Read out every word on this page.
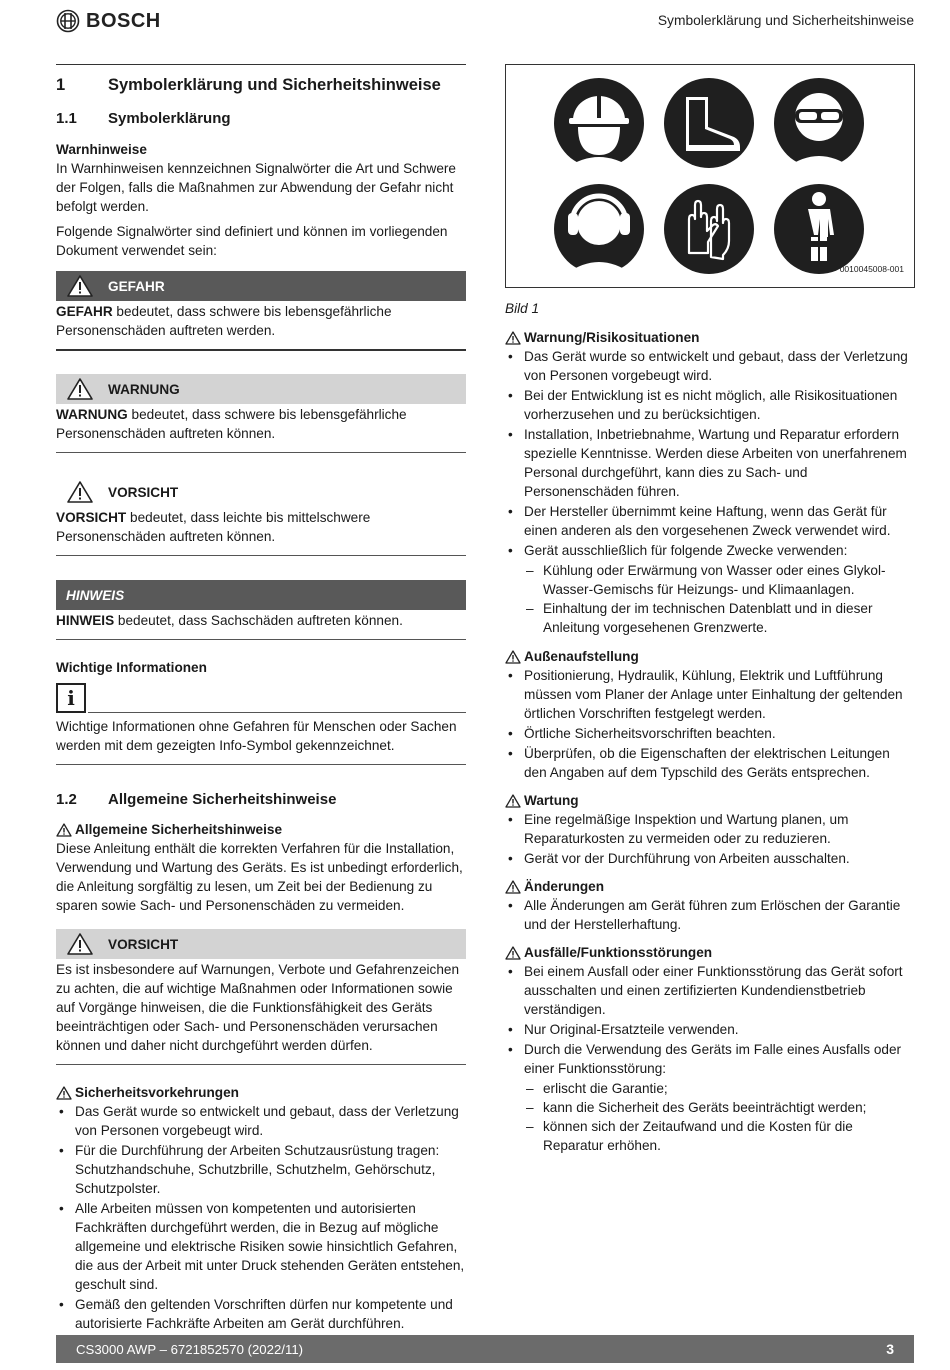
BOSCH	Symbolerklärung und Sicherheitshinweise
1	Symbolerklärung und Sicherheitshinweise
1.1	Symbolerklärung
Warnhinweise

In Warnhinweisen kennzeichnen Signalwörter die Art und Schwere der Folgen, falls die Maßnahmen zur Abwendung der Gefahr nicht befolgt werden.

Folgende Signalwörter sind definiert und können im vorliegenden Dokument verwendet sein:

GEFAHR
GEFAHR bedeutet, dass schwere bis lebensgefährliche Personenschäden auftreten werden.
WARNUNG
WARNUNG bedeutet, dass schwere bis lebensgefährliche Personenschäden auftreten können.
VORSICHT
VORSICHT bedeutet, dass leichte bis mittelschwere Personenschäden auftreten können.
HINWEIS
HINWEIS bedeutet, dass Sachschäden auftreten können.
Wichtige Informationen
i
Wichtige Informationen ohne Gefahren für Menschen oder Sachen werden mit dem gezeigten Info-Symbol gekennzeichnet.
1.2	Allgemeine Sicherheitshinweise
Allgemeine Sicherheitshinweise

Diese Anleitung enthält die korrekten Verfahren für die Installation, Verwendung und Wartung des Geräts. Es ist unbedingt erforderlich, die Anleitung sorgfältig zu lesen, um Zeit bei der Bedienung zu sparen sowie Sach- und Personenschäden zu vermeiden.

VORSICHT
Es ist insbesondere auf Warnungen, Verbote und Gefahrenzeichen zu achten, die auf wichtige Maßnahmen oder Informationen sowie auf Vorgänge hinweisen, die die Funktionsfähigkeit des Geräts beeinträchtigen oder Sach- und Personenschäden verursachen können und daher nicht durchgeführt werden dürfen.
Sicherheitsvorkehrungen
• Das Gerät wurde so entwickelt und gebaut, dass der Verletzung von Personen vorgebeugt wird.
• Für die Durchführung der Arbeiten Schutzausrüstung tragen: Schutzhandschuhe, Schutzbrille, Schutzhelm, Gehörschutz, Schutzpolster.
• Alle Arbeiten müssen von kompetenten und autorisierten Fachkräften durchgeführt werden, die in Bezug auf mögliche allgemeine und elektrische Risiken sowie hinsichtlich Gefahren, die aus der Arbeit mit unter Druck stehenden Geräten entstehen, geschult sind.
• Gemäß den geltenden Vorschriften dürfen nur kompetente und autorisierte Fachkräfte Arbeiten am Gerät durchführen.
0010045008-001
Bild 1
Warnung/Risikosituationen
• Das Gerät wurde so entwickelt und gebaut, dass der Verletzung von Personen vorgebeugt wird.
• Bei der Entwicklung ist es nicht möglich, alle Risikosituationen vorherzusehen und zu berücksichtigen.
• Installation, Inbetriebnahme, Wartung und Reparatur erfordern spezielle Kenntnisse. Werden diese Arbeiten von unerfahrenem Personal durchgeführt, kann dies zu Sach- und Personenschäden führen.
• Der Hersteller übernimmt keine Haftung, wenn das Gerät für einen anderen als den vorgesehenen Zweck verwendet wird.
• Gerät ausschließlich für folgende Zwecke verwenden:
– Kühlung oder Erwärmung von Wasser oder eines Glykol-Wasser-Gemischs für Heizungs- und Klimaanlagen.
– Einhaltung der im technischen Datenblatt und in dieser Anleitung vorgesehenen Grenzwerte.
Außenaufstellung
• Positionierung, Hydraulik, Kühlung, Elektrik und Luftführung müssen vom Planer der Anlage unter Einhaltung der geltenden örtlichen Vorschriften festgelegt werden.
• Örtliche Sicherheitsvorschriften beachten.
• Überprüfen, ob die Eigenschaften der elektrischen Leitungen den Angaben auf dem Typschild des Geräts entsprechen.
Wartung
• Eine regelmäßige Inspektion und Wartung planen, um Reparaturkosten zu vermeiden oder zu reduzieren.
• Gerät vor der Durchführung von Arbeiten ausschalten.
Änderungen
• Alle Änderungen am Gerät führen zum Erlöschen der Garantie und der Herstellerhaftung.
Ausfälle/Funktionsstörungen
• Bei einem Ausfall oder einer Funktionsstörung das Gerät sofort ausschalten und einen zertifizierten Kundendienstbetrieb verständigen.
• Nur Original-Ersatzteile verwenden.
• Durch die Verwendung des Geräts im Falle eines Ausfalls oder einer Funktionsstörung:
– erlischt die Garantie;
– kann die Sicherheit des Geräts beeinträchtigt werden;
– können sich der Zeitaufwand und die Kosten für die Reparatur erhöhen.
CS3000 AWP – 6721852570 (2022/11)	3
